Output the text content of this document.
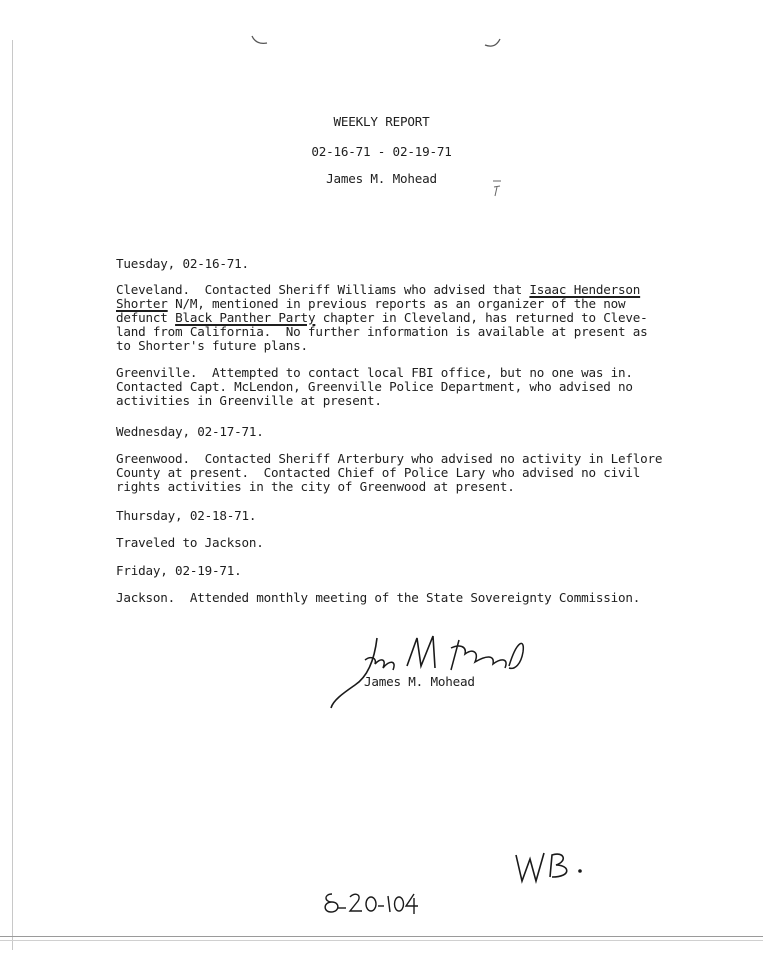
WEEKLY REPORT
02-16-71 - 02-19-71
James M. Mohead
Tuesday, 02-16-71.
Cleveland.  Contacted Sheriff Williams who advised that Isaac Henderson
Shorter N/M, mentioned in previous reports as an organizer of the now
defunct Black Panther Party chapter in Cleveland, has returned to Cleve-
land from California.  No further information is available at present as
to Shorter's future plans.
Greenville.  Attempted to contact local FBI office, but no one was in.
Contacted Capt. McLendon, Greenville Police Department, who advised no
activities in Greenville at present.
Wednesday, 02-17-71.
Greenwood.  Contacted Sheriff Arterbury who advised no activity in Leflore
County at present.  Contacted Chief of Police Lary who advised no civil
rights activities in the city of Greenwood at present.
Thursday, 02-18-71.
Traveled to Jackson.
Friday, 02-19-71.
Jackson.  Attended monthly meeting of the State Sovereignty Commission.
James M. Mohead
